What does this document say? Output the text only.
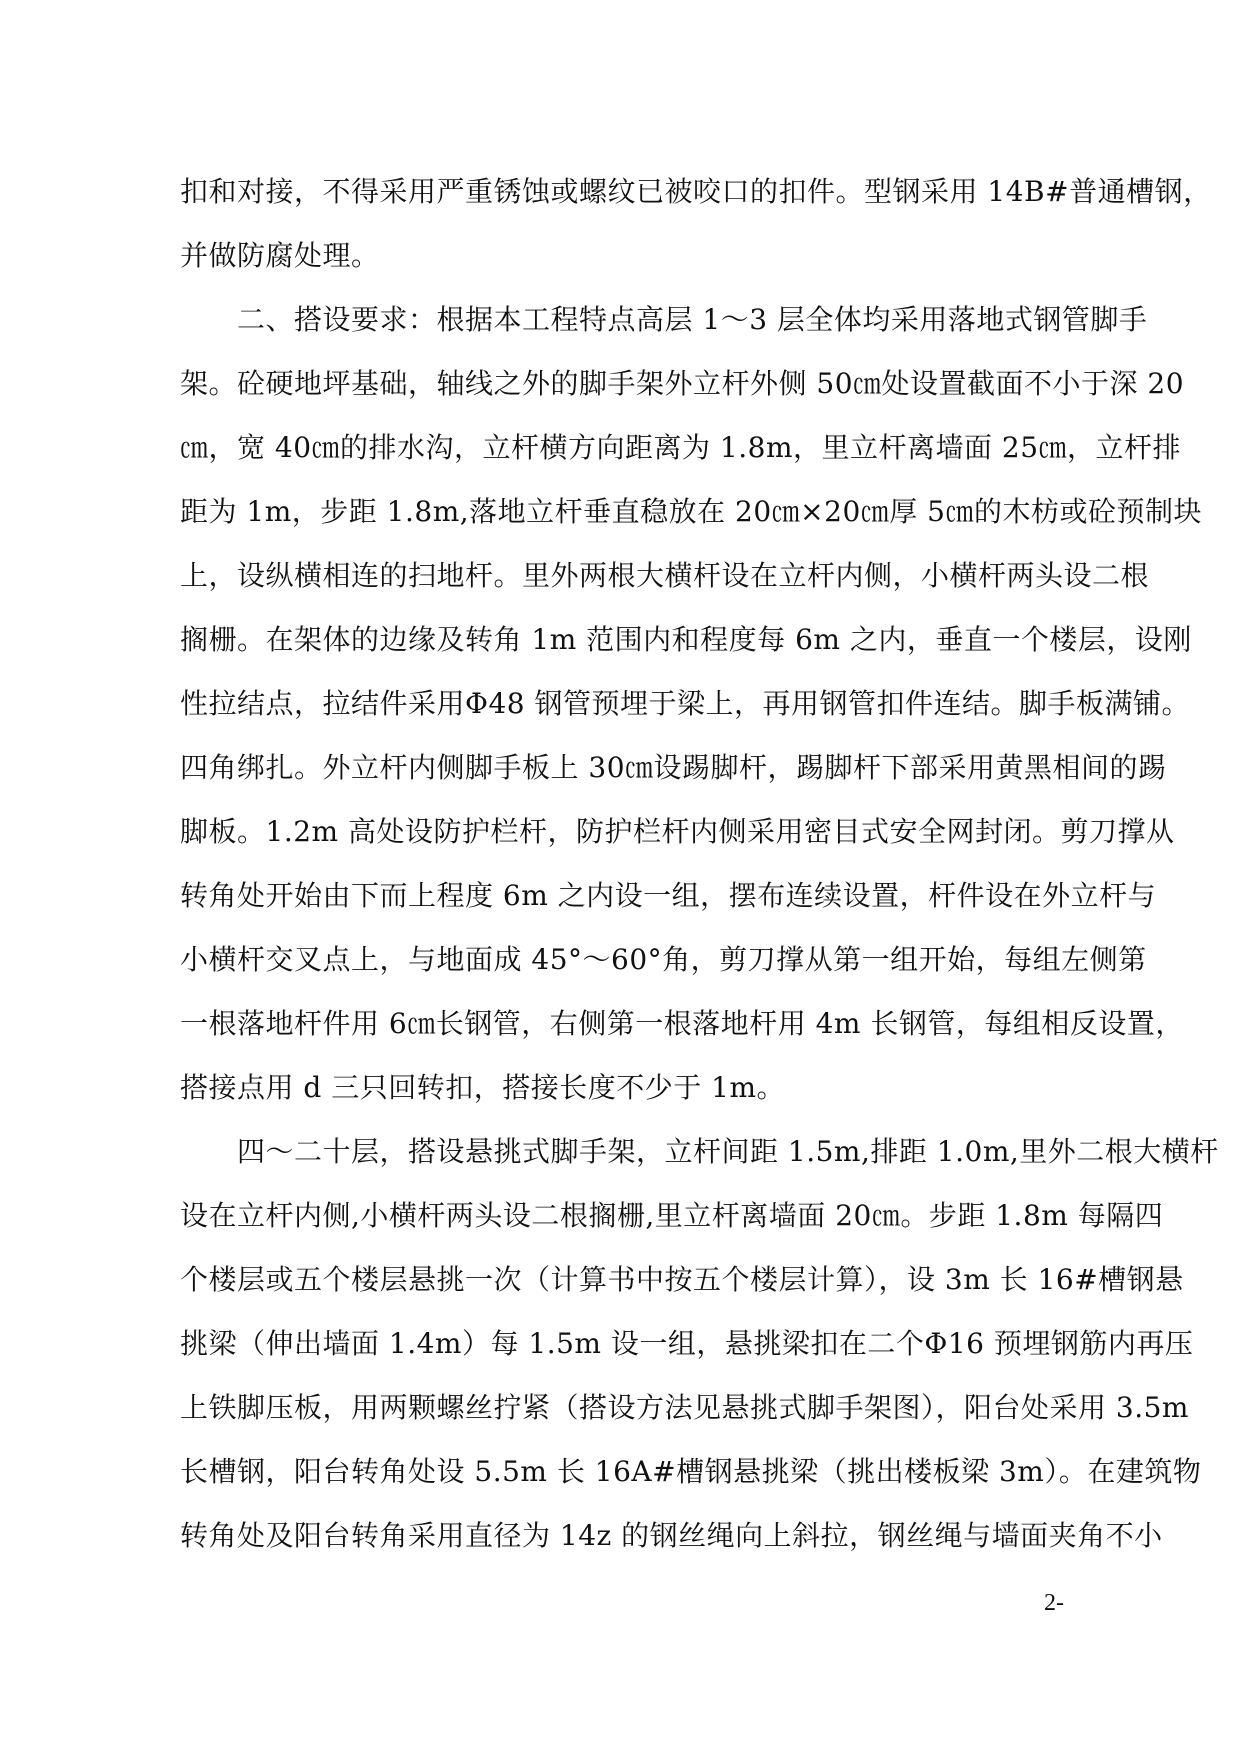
扣和对接，不得采用严重锈蚀或螺纹已被咬口的扣件。型钢采用 14B#普通槽钢，
并做防腐处理。
　　二、搭设要求：根据本工程特点高层 1～3 层全体均采用落地式钢管脚手
架。砼硬地坪基础，轴线之外的脚手架外立杆外侧 50㎝处设置截面不小于深 20
㎝，宽 40㎝的排水沟，立杆横方向距离为 1.8m，里立杆离墙面 25㎝，立杆排
距为 1m，步距 1.8m,落地立杆垂直稳放在 20㎝×20㎝厚 5㎝的木枋或砼预制块
上，设纵横相连的扫地杆。里外两根大横杆设在立杆内侧，小横杆两头设二根
搁栅。在架体的边缘及转角 1m 范围内和程度每 6m 之内，垂直一个楼层，设刚
性拉结点，拉结件采用Φ48 钢管预埋于梁上，再用钢管扣件连结。脚手板满铺。
四角绑扎。外立杆内侧脚手板上 30㎝设踢脚杆，踢脚杆下部采用黄黑相间的踢
脚板。1.2m 高处设防护栏杆，防护栏杆内侧采用密目式安全网封闭。剪刀撑从
转角处开始由下而上程度 6m 之内设一组，摆布连续设置，杆件设在外立杆与
小横杆交叉点上，与地面成 45°～60°角，剪刀撑从第一组开始，每组左侧第
一根落地杆件用 6㎝长钢管，右侧第一根落地杆用 4m 长钢管，每组相反设置，
搭接点用 d 三只回转扣，搭接长度不少于 1m。
　　四～二十层，搭设悬挑式脚手架，立杆间距 1.5m,排距 1.0m,里外二根大横杆
设在立杆内侧,小横杆两头设二根搁栅,里立杆离墙面 20㎝。步距 1.8m 每隔四
个楼层或五个楼层悬挑一次（计算书中按五个楼层计算），设 3m 长 16#槽钢悬
挑梁（伸出墙面 1.4m）每 1.5m 设一组，悬挑梁扣在二个Φ16 预埋钢筋内再压
上铁脚压板，用两颗螺丝拧紧（搭设方法见悬挑式脚手架图），阳台处采用 3.5m
长槽钢，阳台转角处设 5.5m 长 16A#槽钢悬挑梁（挑出楼板梁 3m）。在建筑物
转角处及阳台转角采用直径为 14z 的钢丝绳向上斜拉，钢丝绳与墙面夹角不小
2-
